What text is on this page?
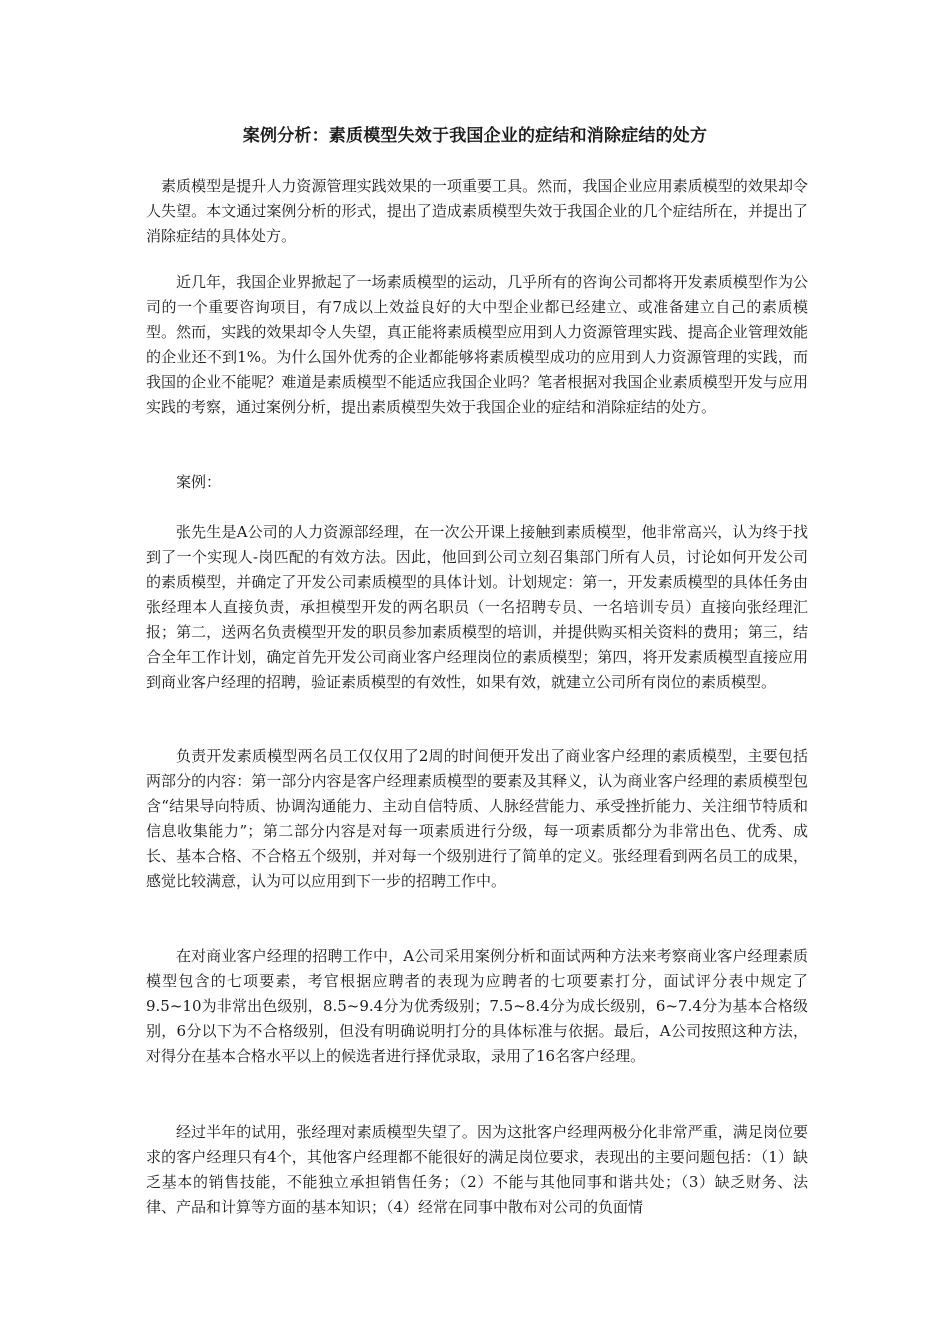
案例分析：素质模型失效于我国企业的症结和消除症结的处方

素质模型是提升人力资源管理实践效果的一项重要工具。然而，我国企业应用素质模型的效果却令人失望。本文通过案例分析的形式，提出了造成素质模型失效于我国企业的几个症结所在，并提出了消除症结的具体处方。

近几年，我国企业界掀起了一场素质模型的运动，几乎所有的咨询公司都将开发素质模型作为公司的一个重要咨询项目，有7成以上效益良好的大中型企业都已经建立、或准备建立自己的素质模型。然而，实践的效果却令人失望，真正能将素质模型应用到人力资源管理实践、提高企业管理效能的企业还不到1%。为什么国外优秀的企业都能够将素质模型成功的应用到人力资源管理的实践，而我国的企业不能呢？难道是素质模型不能适应我国企业吗？笔者根据对我国企业素质模型开发与应用实践的考察，通过案例分析，提出素质模型失效于我国企业的症结和消除症结的处方。

案例：

张先生是A公司的人力资源部经理，在一次公开课上接触到素质模型，他非常高兴，认为终于找到了一个实现人-岗匹配的有效方法。因此，他回到公司立刻召集部门所有人员，讨论如何开发公司的素质模型，并确定了开发公司素质模型的具体计划。计划规定：第一，开发素质模型的具体任务由张经理本人直接负责，承担模型开发的两名职员（一名招聘专员、一名培训专员）直接向张经理汇报；第二，送两名负责模型开发的职员参加素质模型的培训，并提供购买相关资料的费用；第三，结合全年工作计划，确定首先开发公司商业客户经理岗位的素质模型；第四，将开发素质模型直接应用到商业客户经理的招聘，验证素质模型的有效性，如果有效，就建立公司所有岗位的素质模型。

负责开发素质模型两名员工仅仅用了2周的时间便开发出了商业客户经理的素质模型，主要包括两部分的内容：第一部分内容是客户经理素质模型的要素及其释义，认为商业客户经理的素质模型包含“结果导向特质、协调沟通能力、主动自信特质、人脉经营能力、承受挫折能力、关注细节特质和信息收集能力”；第二部分内容是对每一项素质进行分级，每一项素质都分为非常出色、优秀、成长、基本合格、不合格五个级别，并对每一个级别进行了简单的定义。张经理看到两名员工的成果，感觉比较满意，认为可以应用到下一步的招聘工作中。

在对商业客户经理的招聘工作中，A公司采用案例分析和面试两种方法来考察商业客户经理素质模型包含的七项要素，考官根据应聘者的表现为应聘者的七项要素打分，面试评分表中规定了9.5~10为非常出色级别，8.5~9.4分为优秀级别；7.5~8.4分为成长级别，6~7.4分为基本合格级别，6分以下为不合格级别，但没有明确说明打分的具体标准与依据。最后，A公司按照这种方法，对得分在基本合格水平以上的候选者进行择优录取，录用了16名客户经理。

经过半年的试用，张经理对素质模型失望了。因为这批客户经理两极分化非常严重，满足岗位要求的客户经理只有4个，其他客户经理都不能很好的满足岗位要求，表现出的主要问题包括：（1）缺乏基本的销售技能，不能独立承担销售任务；（2）不能与其他同事和谐共处；（3）缺乏财务、法律、产品和计算等方面的基本知识；（4）经常在同事中散布对公司的负面情
